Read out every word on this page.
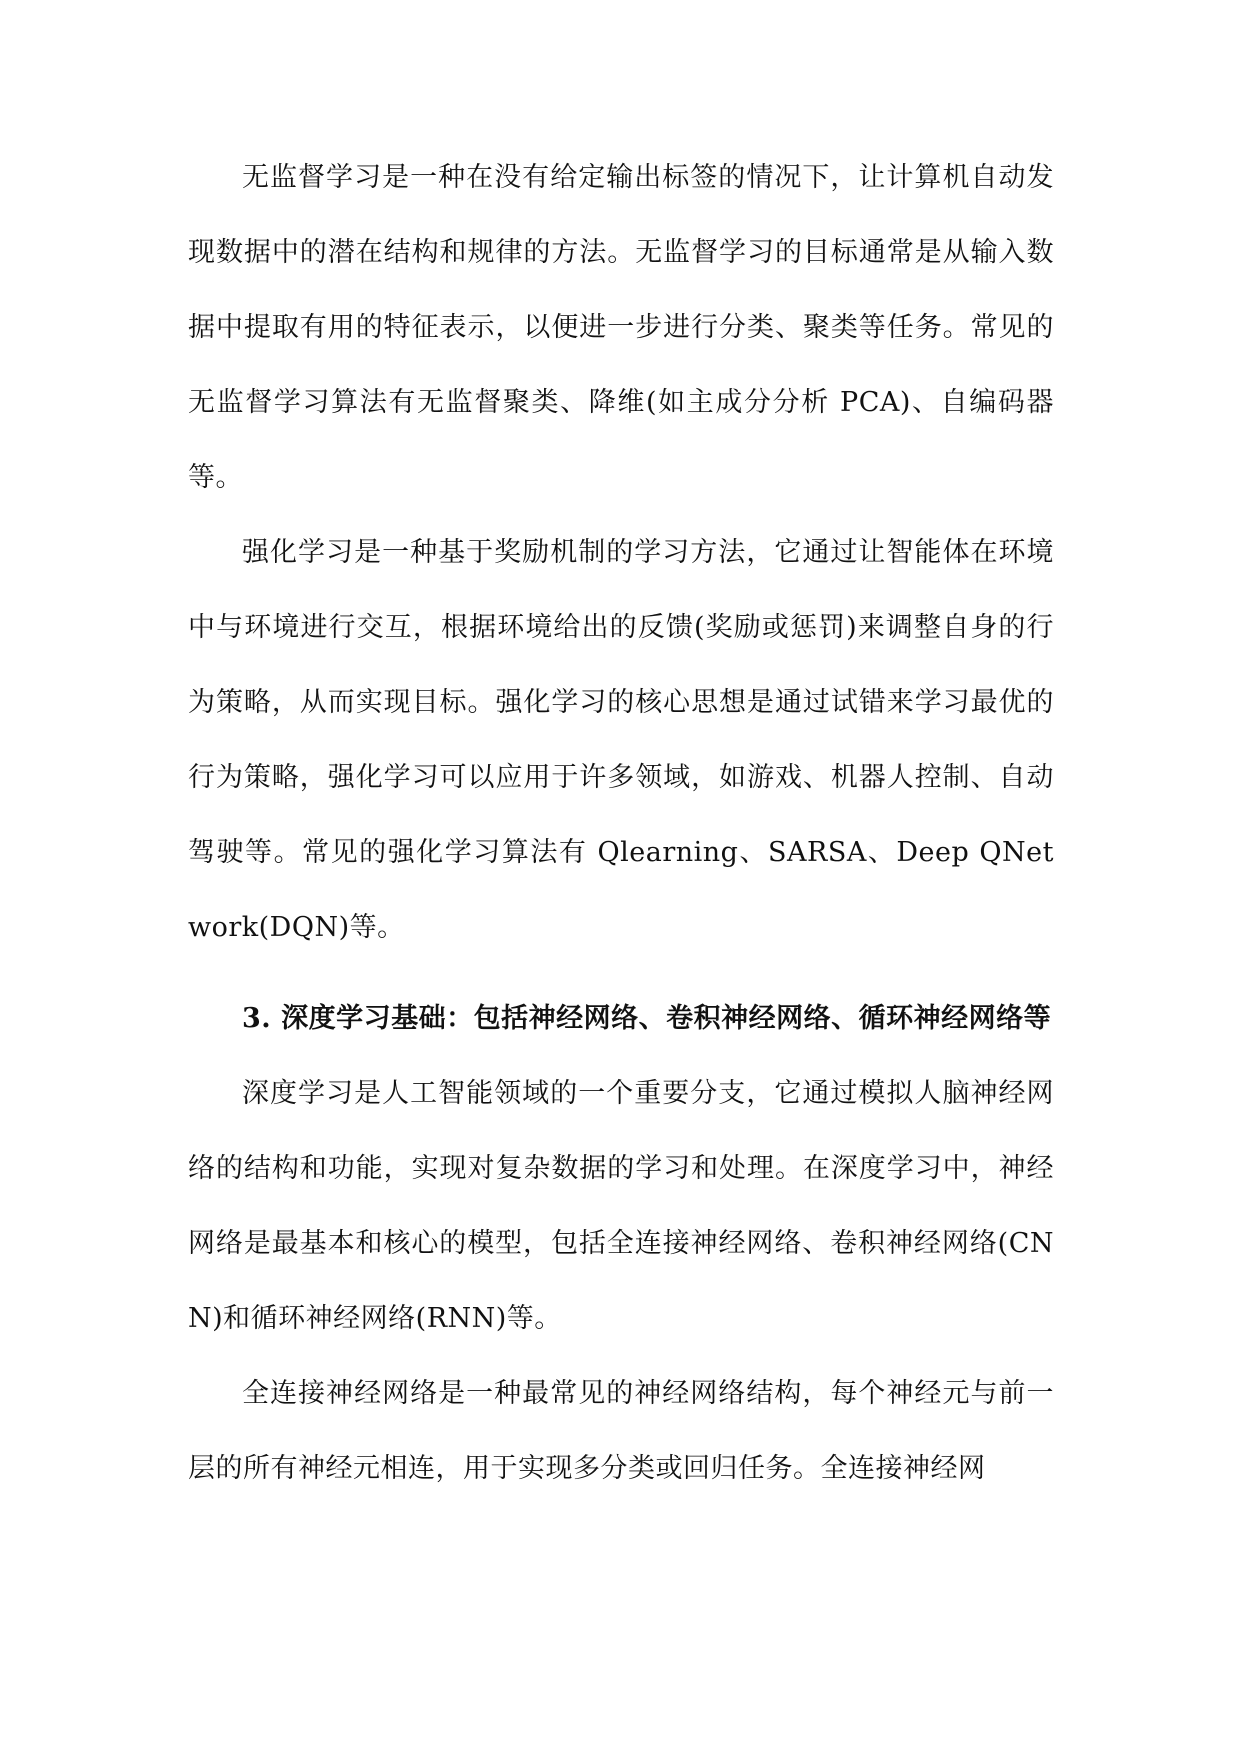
无监督学习是一种在没有给定输出标签的情况下，让计算机自动发现数据中的潜在结构和规律的方法。无监督学习的目标通常是从输入数据中提取有用的特征表示，以便进一步进行分类、聚类等任务。常见的无监督学习算法有无监督聚类、降维(如主成分分析 PCA)、自编码器等。

强化学习是一种基于奖励机制的学习方法，它通过让智能体在环境中与环境进行交互，根据环境给出的反馈(奖励或惩罚)来调整自身的行为策略，从而实现目标。强化学习的核心思想是通过试错来学习最优的行为策略，强化学习可以应用于许多领域，如游戏、机器人控制、自动驾驶等。常见的强化学习算法有 Qlearning、SARSA、Deep QNetwork(DQN)等。

3. 深度学习基础：包括神经网络、卷积神经网络、循环神经网络等

深度学习是人工智能领域的一个重要分支，它通过模拟人脑神经网络的结构和功能，实现对复杂数据的学习和处理。在深度学习中，神经网络是最基本和核心的模型，包括全连接神经网络、卷积神经网络(CNN)和循环神经网络(RNN)等。

全连接神经网络是一种最常见的神经网络结构，每个神经元与前一层的所有神经元相连，用于实现多分类或回归任务。全连接神经网
